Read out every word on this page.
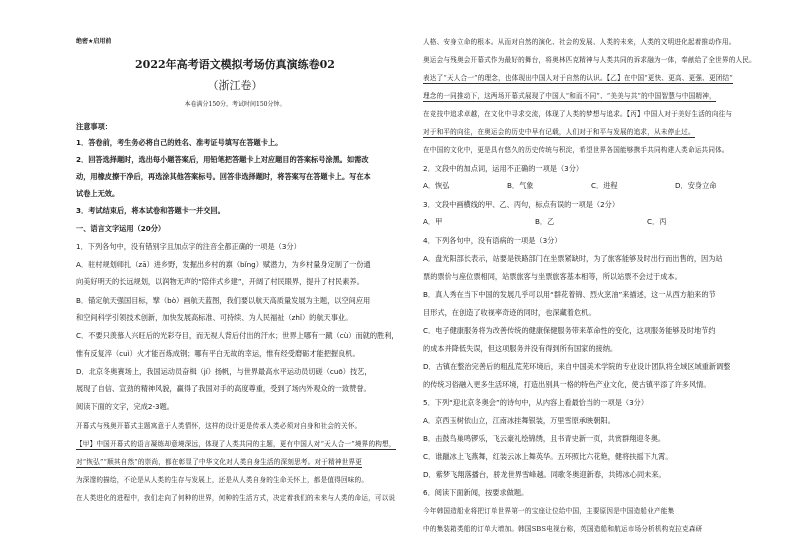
绝密★启用前
2022年高考语文模拟考场仿真演练卷02
（浙江卷）
本卷满分150分，考试时间150分钟。
注意事项：
1．答卷前，考生务必将自己的姓名、准考证号填写在答题卡上。
2．回答选择题时，选出每小题答案后，用铅笔把答题卡上对应题目的答案标号涂黑。如需改
动，用橡皮擦干净后，再选涂其他答案标号。回答非选择题时，将答案写在答题卡上。写在本
试卷上无效。
3．考试结束后，将本试卷和答题卡一并交回。
一、语言文字运用（20分）
1．下列各句中，没有错别字且加点字的注音全都正确的一项是（3分）
A．驻村规划师扎（zā）进乡野，发掘出乡村的禀（bǐng）赋潜力，为乡村量身定制了一份通
向美好明天的长远规划，以润物无声的“陪伴式乡建”，开阔了村民眼界，提升了村民素养。
B．锚定航天强国目标，擘（bò）画航天蓝图，我们要以航天高质量发展为主题，以空间应用
和空间科学引领技术创新，加快发展高标准、可持续、为人民福祉（zhǐ）的航天事业。
C．不要只羡慕人兴旺后的光彩夺目，而无视人背后付出的汗水；世界上哪有一蹴（cù）而就的胜利，
惟有反复淬（cuì）火才能百炼成钢；哪有平白无故的幸运，惟有经受磨砺才能把握良机。
D．北京冬奥赛场上，我国运动员奋楫（jí）扬帆，与世界最高水平运动员切磋（cuō）技艺，
展现了自信、宣劲的精神风貌，赢得了我国对手的高度尊重，受到了场内外观众的一致赞誉。
阅读下面的文字，完成2-3题。
开幕式与残奥开幕式主题寓意于人类情怀，这样的设计更是传承人类必须对自身和社会的关怀。
【甲】中国开幕式的语言凝练却意境深远，体现了人类共同的主题，更有中国人对“天人合一”境界的构想，
对“恢弘”“顺其自然”的崇尚，都在彰显了中华文化对人类自身生活的深刻思考。对于精神世界更
为深邃的描绘，不论是从人类的生存与发展上，还是从人类自身的生命关怀上，都是值得回味的。
在人类进化的进程中，我们走向了何种的世界，何种的生活方式，决定着我们的未来与人类的命运，可以说
人格、安身立命的根本。从而对自然的演化、社会的发展、人类的未来，人类的文明进化起着推动作用。
奥运会与残奥会开幕式作为最好的舞台，将奥林匹克精神与人类共同的诉求融为一体，奉献给了全世界的人民。
表达了“天人合一”的理念，也体现出中国人对于自然的认识。【乙】在中国“更快、更高、更强、更团结”
理念的一同推动下，这两场开幕式展现了中国人“和而不同”、“美美与共”的中国智慧与中国精神，
在竞技中追求卓越，在文化中寻求交流，体现了人类的梦想与追求。【丙】中国人对于美好生活的向往与
对于和平的向往，在奥运会的历史中早有记载，人们对于和平与发展的追求，从未停止过。
在中国的文化中，更是具有悠久的历史传统与积淀，希望世界各国能够携手共同构建人类命运共同体。
2．文段中的加点词，运用不正确的一项是（3分）
A．恢弘	B．气象	C．进程	D．安身立命
3．文段中画横线的甲、乙、丙句，标点有误的一项是（2分）
A．甲	B．乙	C．丙
4．下列各句中，没有语病的一项是（3分）
A．盘光阳部长表示，站要是铁路部门在坐票紧缺时，为了旅客能够及时出行而出售的，因为站
票的票价与座位票相同，站票旅客与坐票旅客基本相等，所以站票不会过于成本。
B．真人秀在当下中国的发展几乎可以用“群花着锦、烈火烹油”来描述，这一从西方舶来的节
目形式，在创造了收视率奇迹的同时，也深藏着危机。
C．电子健康服务将为改善传统的健康保健服务带来革命性的变化，这项服务能够及时地节约
的成本并降低失误，但这项服务并没有得到所有国家的接纳。
D．古镇在整治完善后的粗乱荒芜环境后，来自中国美术学院的专业设计团队将全域区域重新调整
的传统习俗融入更多生活环境，打造出别具一格的特色产业文化，使古镇平添了许多风情。
5．下列“迎北京冬奥会”的诗句中，从内容上看最恰当的一项是（3分）
A．京西玉树依山立，江南冰挂舞银装，万里雪原承映朝阳。
B．击鼓鸟巢鸣锣乐，飞云豪礼绘锦绣，且书青史新一页，共赏群翔迎冬奥。
C．谁躐冰上飞燕舞，红装云冰上舞英华。五环照比六花艳，健将扶摇下九霄。
D．紫梦飞翔落播台，骄龙世界雪峰越。同歌冬奥迎新春，共铸冰心同未来。
6．阅读下面新闻，按要求做题。
今年韩国造船业将把订单世界第一的宝座让位给中国，主要原因是中国造船业产能集
中的集装箱类船的订单大增加。韩国SBS电视台称，英国造船和航运市场分析机构克拉克森研
